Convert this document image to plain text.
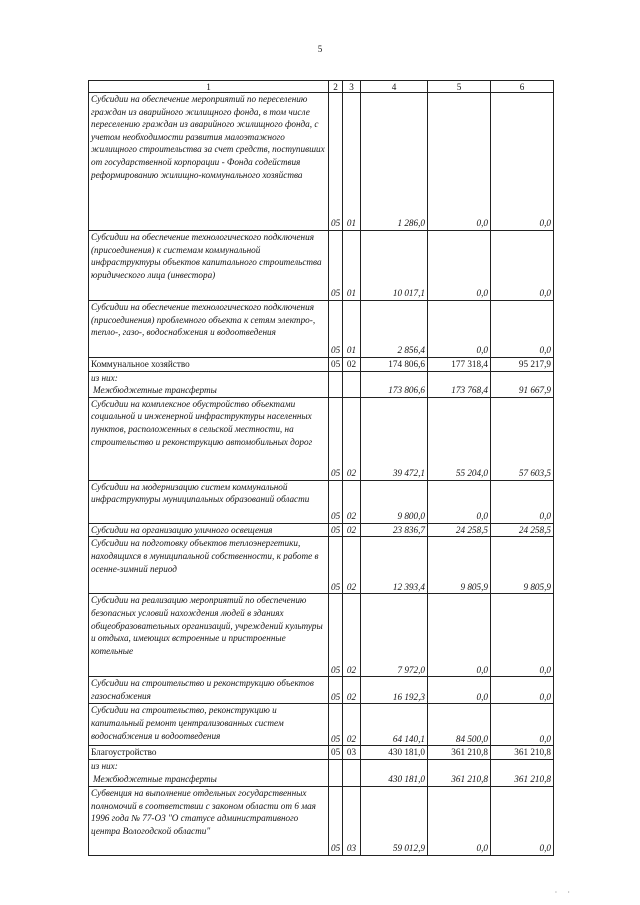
5
1	2	3	4	5	6
Субсидии на обеспечение мероприятий по переселению граждан из аварийного жилищного фонда, в том числе переселению граждан из аварийного жилищного фонда, с учетом необходимости развития малоэтажного жилищного строительства за счет средств, поступивших от государственной корпорации - Фонда содействия реформированию жилищно-коммунального хозяйства	05	01	1 286,0	0,0	0,0
Субсидии на обеспечение технологического подключения (присоединения) к системам коммунальной инфраструктуры объектов капитального строительства юридического лица (инвестора)	05	01	10 017,1	0,0	0,0
Субсидии на обеспечение технологического подключения (присоединения) проблемного объекта к сетям электро-, тепло-, газо-, водоснабжения и водоотведения	05	01	2 856,4	0,0	0,0
Коммунальное хозяйство	05	02	174 806,6	177 318,4	95 217,9

из них:
Межбюджетные трансферты			173 806,6	173 768,4	91 667,9
Субсидии на комплексное обустройство объектами социальной и инженерной инфраструктуры населенных пунктов, расположенных в сельской местности, на строительство и реконструкцию автомобильных дорог	05	02	39 472,1	55 204,0	57 603,5
Субсидии на модернизацию систем коммунальной инфраструктуры муниципальных образований области	05	02	9 800,0	0,0	0,0
Субсидии на организацию уличного освещения	05	02	23 836,7	24 258,5	24 258,5
Субсидии на подготовку объектов теплоэнергетики, находящихся в муниципальной собственности, к работе в осенне-зимний период	05	02	12 393,4	9 805,9	9 805,9
Субсидии на реализацию мероприятий по обеспечению безопасных условий нахождения людей в зданиях общеобразовательных организаций, учреждений культуры и отдыха, имеющих встроенные и пристроенные котельные	05	02	7 972,0	0,0	0,0
Субсидии на строительство и реконструкцию объектов газоснабжения	05	02	16 192,3	0,0	0,0
Субсидии на строительство, реконструкцию и капитальный ремонт централизованных систем водоснабжения и водоотведения	05	02	64 140,1	84 500,0	0,0
Благоустройство	05	03	430 181,0	361 210,8	361 210,8

из них:
Межбюджетные трансферты			430 181,0	361 210,8	361 210,8
Субвенция на выполнение отдельных государственных полномочий в соответствии с законом области от 6 мая 1996 года № 77-ОЗ "О статусе административного центра Вологодской области"	05	03	59 012,9	0,0	0,0
· ·
